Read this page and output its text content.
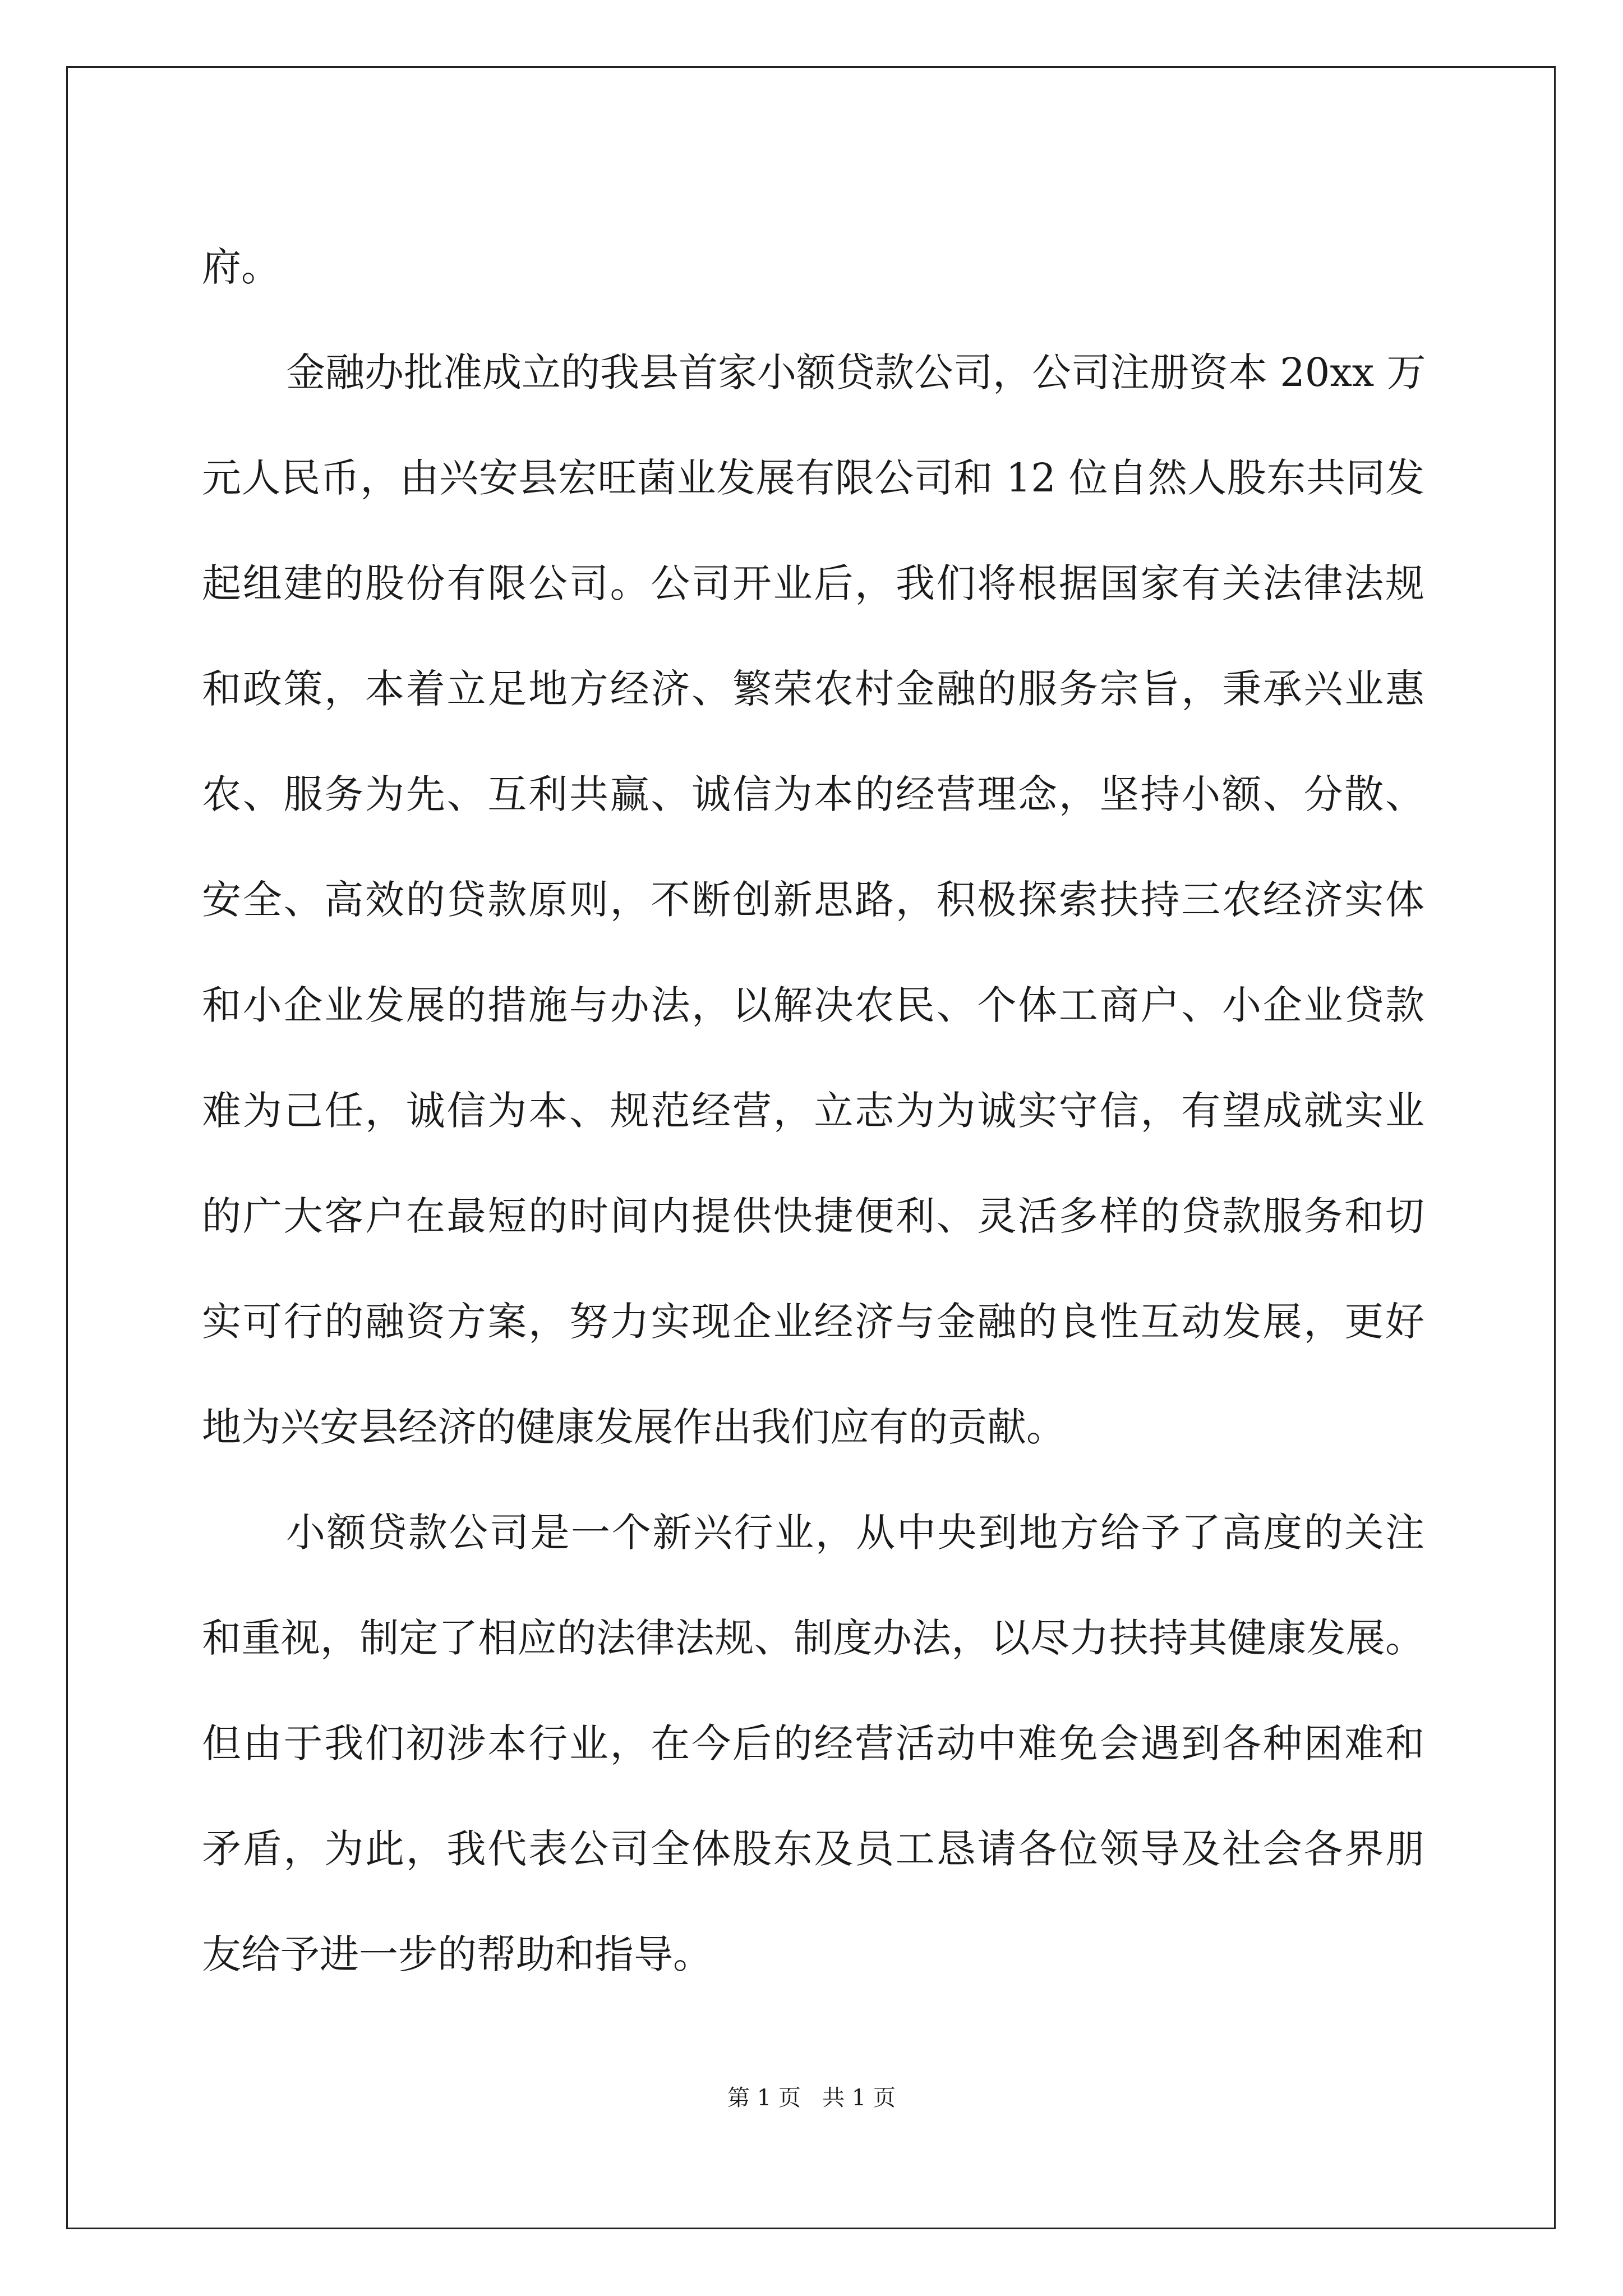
府。
金融办批准成立的我县首家小额贷款公司，公司注册资本 20xx 万
元人民币，由兴安县宏旺菌业发展有限公司和 12 位自然人股东共同发
起组建的股份有限公司。公司开业后，我们将根据国家有关法律法规
和政策，本着立足地方经济、繁荣农村金融的服务宗旨，秉承兴业惠
农、服务为先、互利共赢、诚信为本的经营理念，坚持小额、分散、
安全、高效的贷款原则，不断创新思路，积极探索扶持三农经济实体
和小企业发展的措施与办法，以解决农民、个体工商户、小企业贷款
难为己任，诚信为本、规范经营，立志为为诚实守信，有望成就实业
的广大客户在最短的时间内提供快捷便利、灵活多样的贷款服务和切
实可行的融资方案，努力实现企业经济与金融的良性互动发展，更好
地为兴安县经济的健康发展作出我们应有的贡献。
小额贷款公司是一个新兴行业，从中央到地方给予了高度的关注
和重视，制定了相应的法律法规、制度办法，以尽力扶持其健康发展。
但由于我们初涉本行业，在今后的经营活动中难免会遇到各种困难和
矛盾，为此，我代表公司全体股东及员工恳请各位领导及社会各界朋
友给予进一步的帮助和指导。
第 1 页   共 1 页
